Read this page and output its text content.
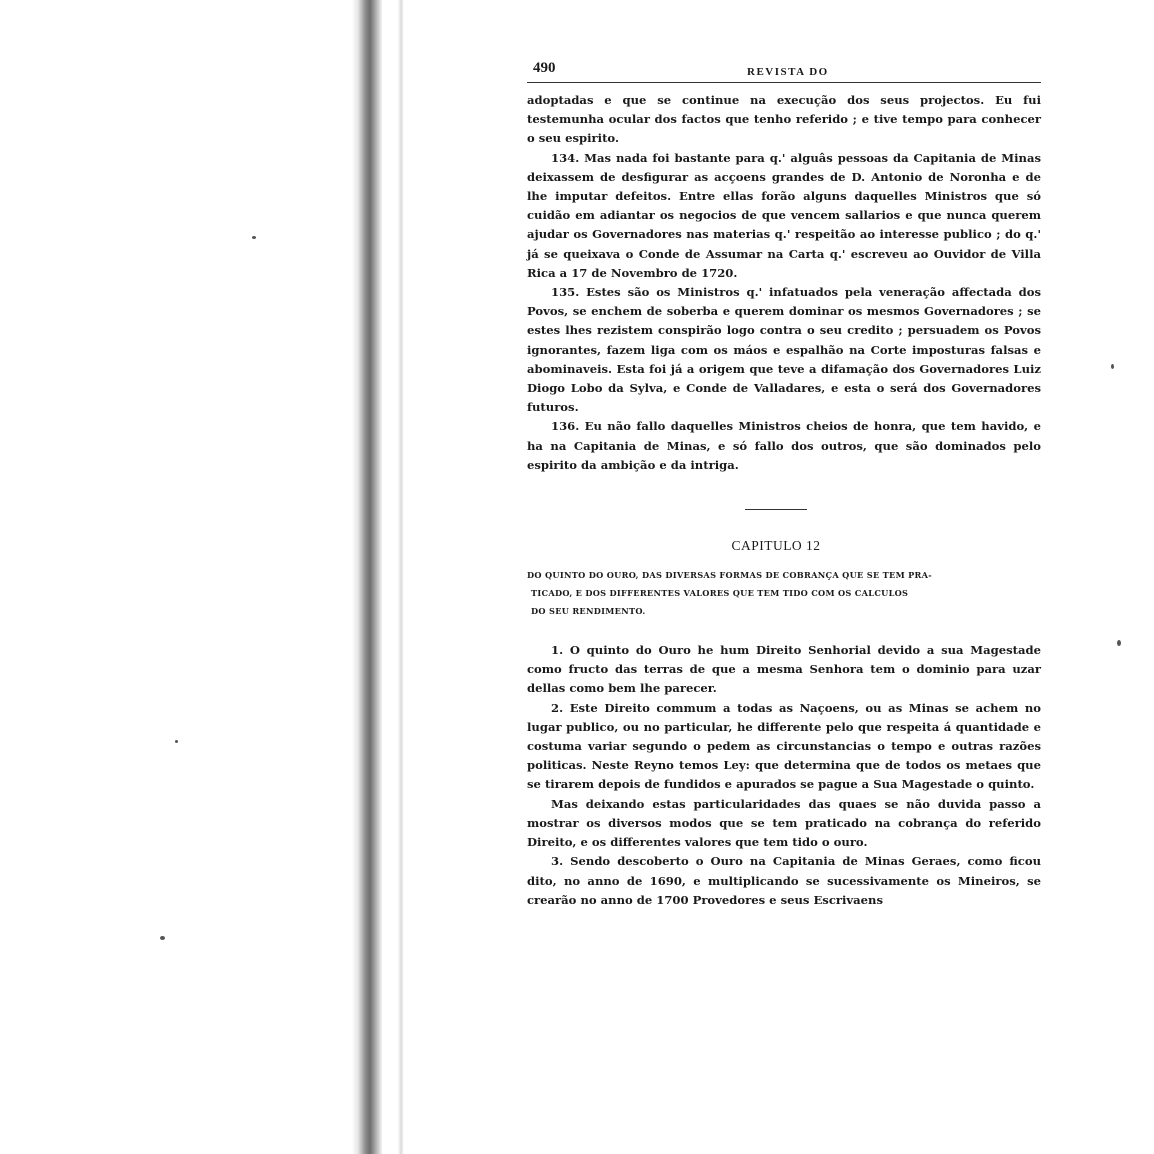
490	REVISTA DO

adoptadas e que se continue na execução dos seus projectos. Eu fui testemunha ocular dos factos que tenho referido ; e tive tempo para conhecer o seu espirito.

134. Mas nada foi bastante para q.' alguâs pessoas da Capitania de Minas deixassem de desfigurar as acçoens grandes de D. Antonio de Noronha e de lhe imputar defeitos. Entre ellas forão alguns daquelles Ministros que só cuidão em adiantar os negocios de que vencem sallarios e que nunca querem ajudar os Governadores nas materias q.' respeitão ao interesse publico ; do q.' já se queixava o Conde de Assumar na Carta q.' escreveu ao Ouvidor de Villa Rica a 17 de Novembro de 1720.

135. Estes são os Ministros q.' infatuados pela veneração affectada dos Povos, se enchem de soberba e querem dominar os mesmos Governadores ; se estes lhes rezistem conspirão logo contra o seu credito ; persuadem os Povos ignorantes, fazem liga com os máos e espalhão na Corte imposturas falsas e abominaveis. Esta foi já a origem que teve a difamação dos Governadores Luiz Diogo Lobo da Sylva, e Conde de Valladares, e esta o será dos Governadores futuros.

136. Eu não fallo daquelles Ministros cheios de honra, que tem havido, e ha na Capitania de Minas, e só fallo dos outros, que são dominados pelo espirito da ambição e da intriga.

CAPITULO 12
DO QUINTO DO OURO, DAS DIVERSAS FORMAS DE COBRANÇA QUE SE TEM PRA-
TICADO, E DOS DIFFERENTES VALORES QUE TEM TIDO COM OS CALCULOS
DO SEU RENDIMENTO.

1. O quinto do Ouro he hum Direito Senhorial devido a sua Magestade como fructo das terras de que a mesma Senhora tem o dominio para uzar dellas como bem lhe parecer.

2. Este Direito commum a todas as Naçoens, ou as Minas se achem no lugar publico, ou no particular, he differente pelo que respeita á quantidade e costuma variar segundo o pedem as circunstancias o tempo e outras razões politicas. Neste Reyno temos Ley: que determina que de todos os metaes que se tirarem depois de fundidos e apurados se pague a Sua Magestade o quinto.

Mas deixando estas particularidades das quaes se não duvida passo a mostrar os diversos modos que se tem praticado na cobrança do referido Direito, e os differentes valores que tem tido o ouro.

3. Sendo descoberto o Ouro na Capitania de Minas Geraes, como ficou dito, no anno de 1690, e multiplicando se sucessivamente os Mineiros, se crearão no anno de 1700 Provedores e seus Escrivaens
